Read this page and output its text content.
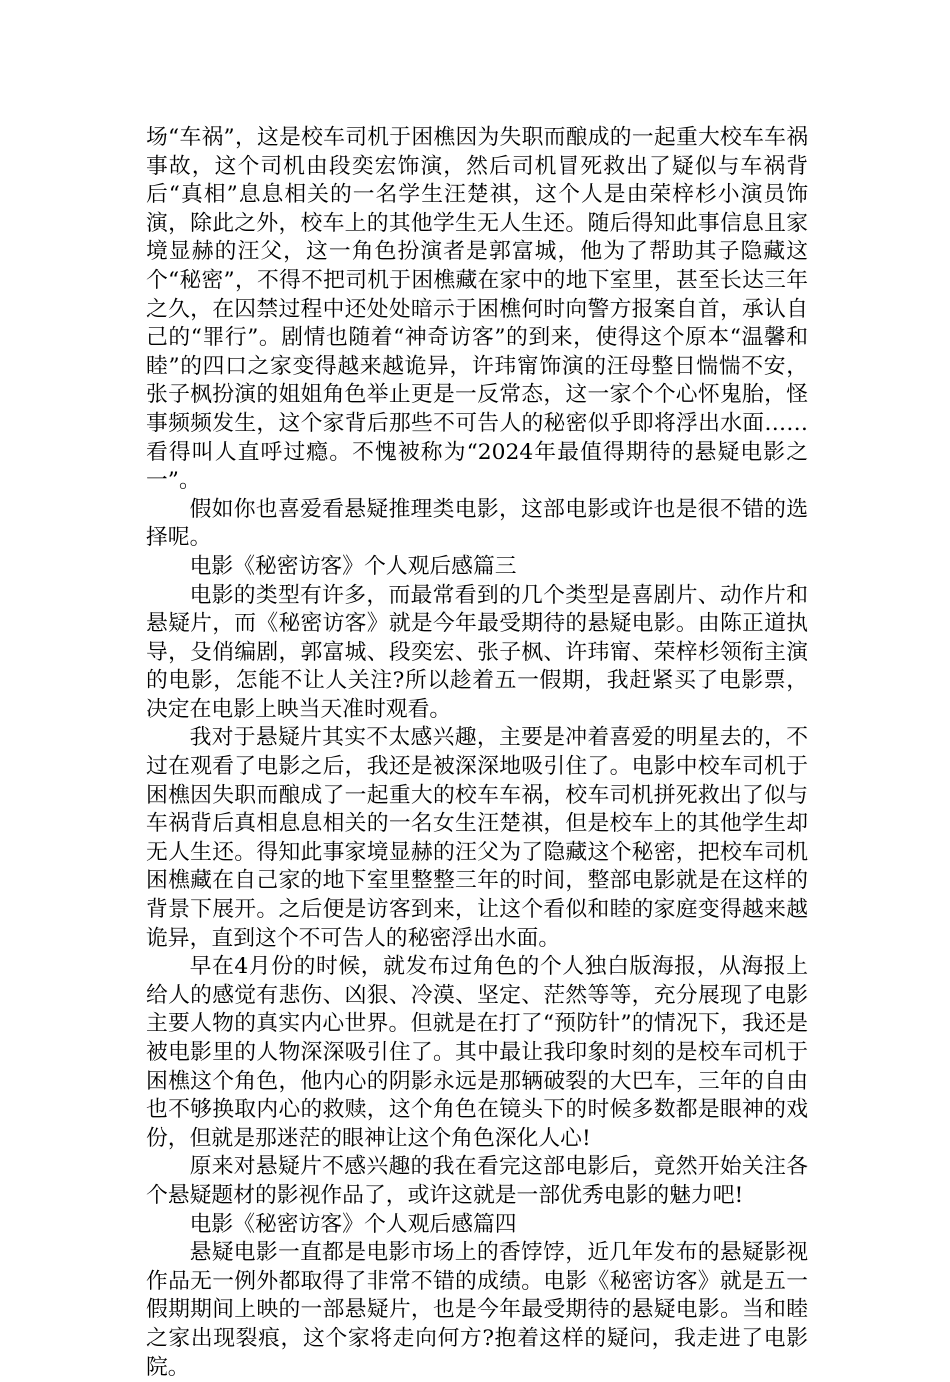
场“车祸”，这是校车司机于困樵因为失职而酿成的一起重大校车车祸事故，这个司机由段奕宏饰演，然后司机冒死救出了疑似与车祸背后“真相”息息相关的一名学生汪楚祺，这个人是由荣梓杉小演员饰演，除此之外，校车上的其他学生无人生还。随后得知此事信息且家境显赫的汪父，这一角色扮演者是郭富城，他为了帮助其子隐藏这个“秘密”，不得不把司机于困樵藏在家中的地下室里，甚至长达三年之久，在囚禁过程中还处处暗示于困樵何时向警方报案自首，承认自己的“罪行”。剧情也随着“神奇访客”的到来，使得这个原本“温馨和睦”的四口之家变得越来越诡异，许玮甯饰演的汪母整日惴惴不安，张子枫扮演的姐姐角色举止更是一反常态，这一家个个心怀鬼胎，怪事频频发生，这个家背后那些不可告人的秘密似乎即将浮出水面……看得叫人直呼过瘾。不愧被称为“2024年最值得期待的悬疑电影之一”。

假如你也喜爱看悬疑推理类电影，这部电影或许也是很不错的选择呢。

电影《秘密访客》个人观后感篇三

电影的类型有许多，而最常看到的几个类型是喜剧片、动作片和悬疑片，而《秘密访客》就是今年最受期待的悬疑电影。由陈正道执导，殳俏编剧，郭富城、段奕宏、张子枫、许玮甯、荣梓杉领衔主演的电影，怎能不让人关注?所以趁着五一假期，我赶紧买了电影票，决定在电影上映当天准时观看。

我对于悬疑片其实不太感兴趣，主要是冲着喜爱的明星去的，不过在观看了电影之后，我还是被深深地吸引住了。电影中校车司机于困樵因失职而酿成了一起重大的校车车祸，校车司机拼死救出了似与车祸背后真相息息相关的一名女生汪楚祺，但是校车上的其他学生却无人生还。得知此事家境显赫的汪父为了隐藏这个秘密，把校车司机困樵藏在自己家的地下室里整整三年的时间，整部电影就是在这样的背景下展开。之后便是访客到来，让这个看似和睦的家庭变得越来越诡异，直到这个不可告人的秘密浮出水面。

早在4月份的时候，就发布过角色的个人独白版海报，从海报上给人的感觉有悲伤、凶狠、冷漠、坚定、茫然等等，充分展现了电影主要人物的真实内心世界。但就是在打了“预防针”的情况下，我还是被电影里的人物深深吸引住了。其中最让我印象时刻的是校车司机于困樵这个角色，他内心的阴影永远是那辆破裂的大巴车，三年的自由也不够换取内心的救赎，这个角色在镜头下的时候多数都是眼神的戏份，但就是那迷茫的眼神让这个角色深化人心!

原来对悬疑片不感兴趣的我在看完这部电影后，竟然开始关注各个悬疑题材的影视作品了，或许这就是一部优秀电影的魅力吧!

电影《秘密访客》个人观后感篇四

悬疑电影一直都是电影市场上的香饽饽，近几年发布的悬疑影视作品无一例外都取得了非常不错的成绩。电影《秘密访客》就是五一假期期间上映的一部悬疑片，也是今年最受期待的悬疑电影。当和睦之家出现裂痕，这个家将走向何方?抱着这样的疑问，我走进了电影院。
